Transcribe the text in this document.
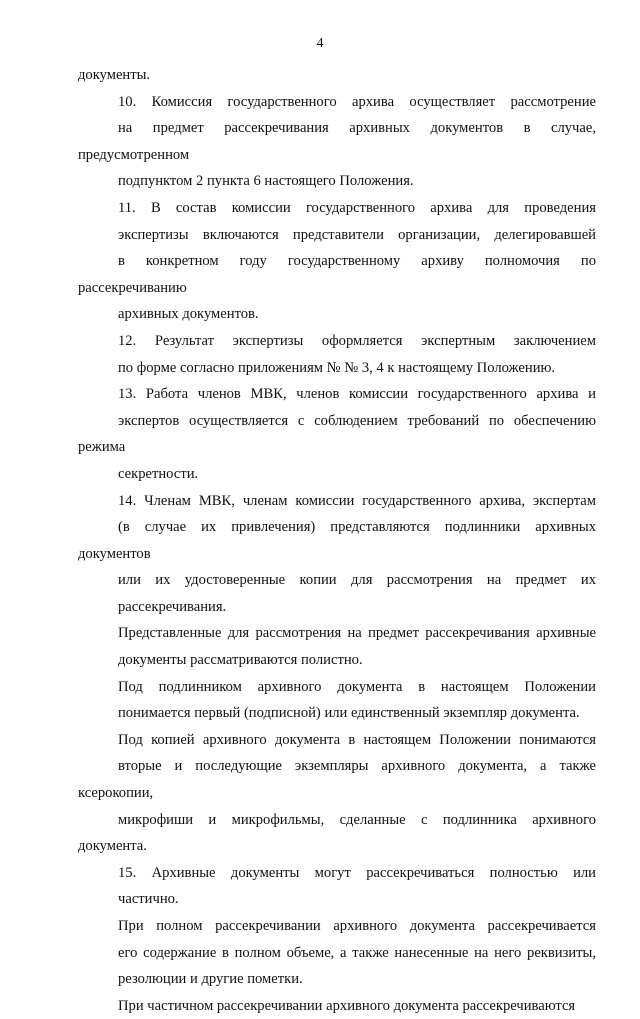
4

документы.

10. Комиссия государственного архива осуществляет рассмотрение
на предмет рассекречивания архивных документов в случае, предусмотренном
подпунктом 2 пункта 6 настоящего Положения.

11. В состав комиссии государственного архива для проведения
экспертизы включаются представители организации, делегировавшей
в конкретном году государственному архиву полномочия по рассекречиванию
архивных документов.

12. Результат экспертизы оформляется экспертным заключением
по форме согласно приложениям № № 3, 4 к настоящему Положению.

13. Работа членов МВК, членов комиссии государственного архива и
экспертов осуществляется с соблюдением требований по обеспечению режима
секретности.

14. Членам МВК, членам комиссии государственного архива, экспертам
(в случае их привлечения) представляются подлинники архивных документов
или их удостоверенные копии для рассмотрения на предмет их
рассекречивания.

Представленные для рассмотрения на предмет рассекречивания архивные
документы рассматриваются полистно.

Под подлинником архивного документа в настоящем Положении
понимается первый (подписной) или единственный экземпляр документа.

Под копией архивного документа в настоящем Положении понимаются
вторые и последующие экземпляры архивного документа, а также ксерокопии,
микрофиши и микрофильмы, сделанные с подлинника архивного документа.

15. Архивные документы могут рассекречиваться полностью или
частично.

При полном рассекречивании архивного документа рассекречивается
его содержание в полном объеме, а также нанесенные на него реквизиты,
резолюции и другие пометки.

При частичном рассекречивании архивного документа рассекречиваются
